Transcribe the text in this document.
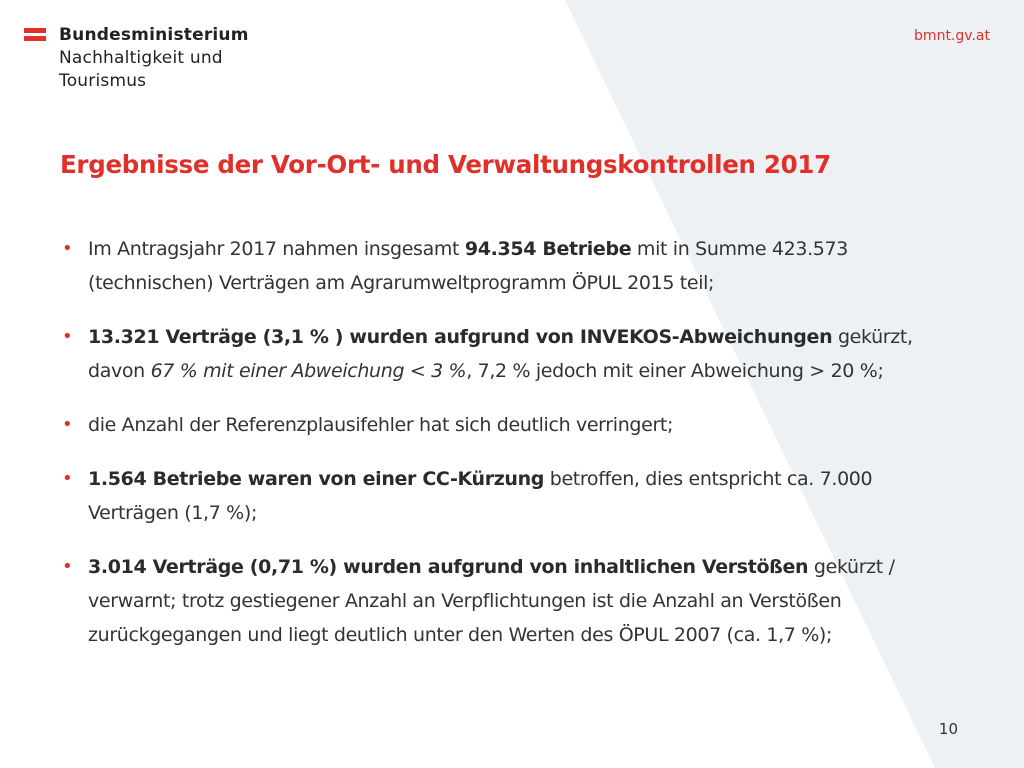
Bundesministerium
Nachhaltigkeit und
Tourismus
bmnt.gv.at
Ergebnisse der Vor-Ort- und Verwaltungskontrollen 2017
• Im Antragsjahr 2017 nahmen insgesamt 94.354 Betriebe mit in Summe 423.573 (technischen) Verträgen am Agrarumweltprogramm ÖPUL 2015 teil;
• 13.321 Verträge (3,1 % ) wurden aufgrund von INVEKOS-Abweichungen gekürzt, davon 67 % mit einer Abweichung < 3 %, 7,2 % jedoch mit einer Abweichung > 20 %;
• die Anzahl der Referenzplausifehler hat sich deutlich verringert;
• 1.564 Betriebe waren von einer CC-Kürzung betroffen, dies entspricht ca. 7.000 Verträgen (1,7 %);
• 3.014 Verträge (0,71 %) wurden aufgrund von inhaltlichen Verstößen gekürzt / verwarnt; trotz gestiegener Anzahl an Verpflichtungen ist die Anzahl an Verstößen zurückgegangen und liegt deutlich unter den Werten des ÖPUL 2007 (ca. 1,7 %);
10
